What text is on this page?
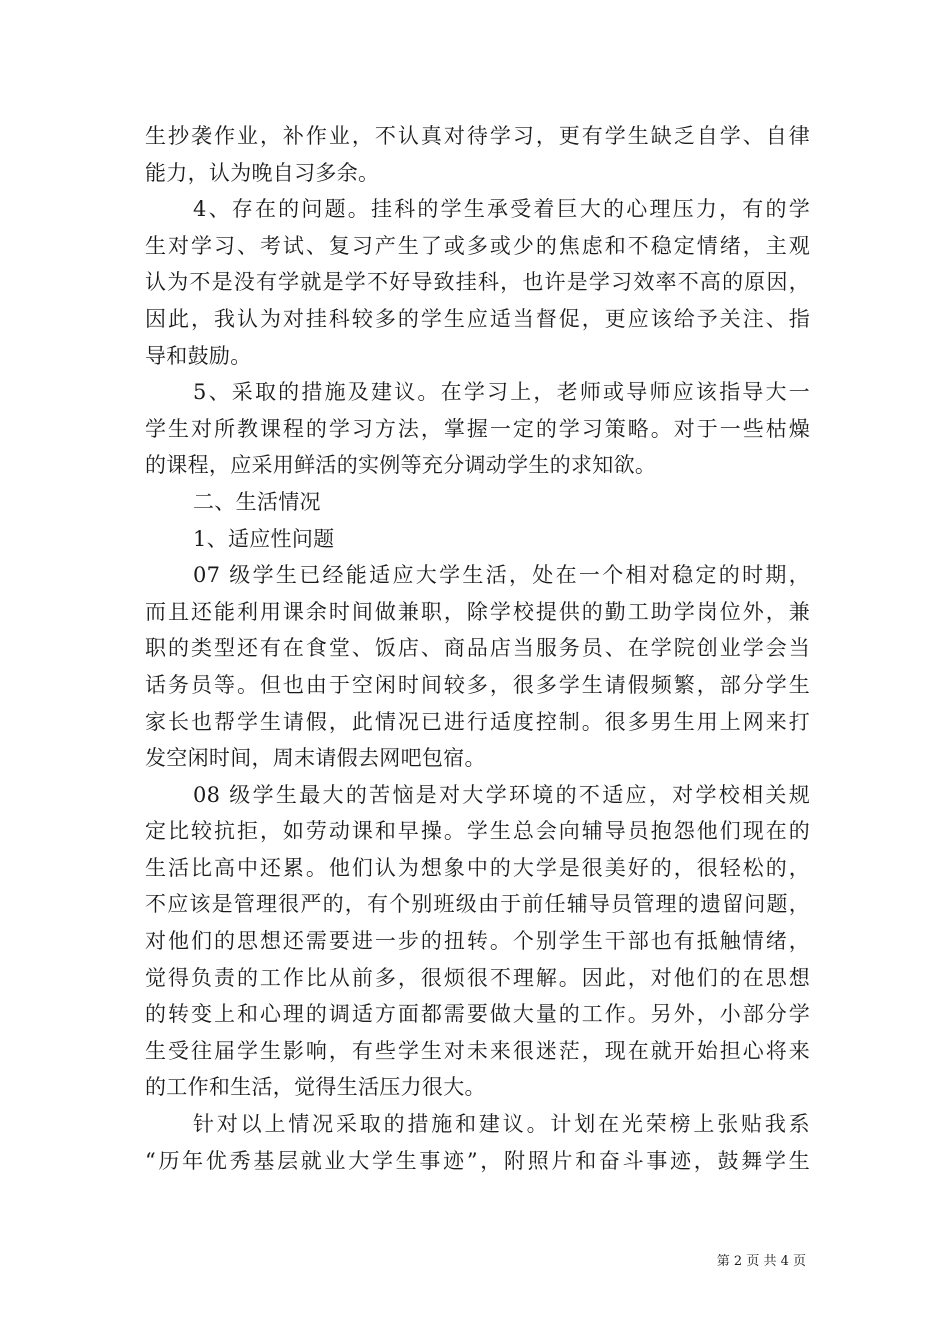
生抄袭作业，补作业，不认真对待学习，更有学生缺乏自学、自律
能力，认为晚自习多余。
4、存在的问题。挂科的学生承受着巨大的心理压力，有的学
生对学习、考试、复习产生了或多或少的焦虑和不稳定情绪，主观
认为不是没有学就是学不好导致挂科，也许是学习效率不高的原因，
因此，我认为对挂科较多的学生应适当督促，更应该给予关注、指
导和鼓励。
5、采取的措施及建议。在学习上，老师或导师应该指导大一
学生对所教课程的学习方法，掌握一定的学习策略。对于一些枯燥
的课程，应采用鲜活的实例等充分调动学生的求知欲。
二、生活情况
1、适应性问题
07 级学生已经能适应大学生活，处在一个相对稳定的时期，
而且还能利用课余时间做兼职，除学校提供的勤工助学岗位外，兼
职的类型还有在食堂、饭店、商品店当服务员、在学院创业学会当
话务员等。但也由于空闲时间较多，很多学生请假频繁，部分学生
家长也帮学生请假，此情况已进行适度控制。很多男生用上网来打
发空闲时间，周末请假去网吧包宿。
08 级学生最大的苦恼是对大学环境的不适应，对学校相关规
定比较抗拒，如劳动课和早操。学生总会向辅导员抱怨他们现在的
生活比高中还累。他们认为想象中的大学是很美好的，很轻松的，
不应该是管理很严的，有个别班级由于前任辅导员管理的遗留问题，
对他们的思想还需要进一步的扭转。个别学生干部也有抵触情绪，
觉得负责的工作比从前多，很烦很不理解。因此，对他们的在思想
的转变上和心理的调适方面都需要做大量的工作。另外，小部分学
生受往届学生影响，有些学生对未来很迷茫，现在就开始担心将来
的工作和生活，觉得生活压力很大。
针对以上情况采取的措施和建议。计划在光荣榜上张贴我系
“历年优秀基层就业大学生事迹”，附照片和奋斗事迹，鼓舞学生
第 2 页 共 4 页
